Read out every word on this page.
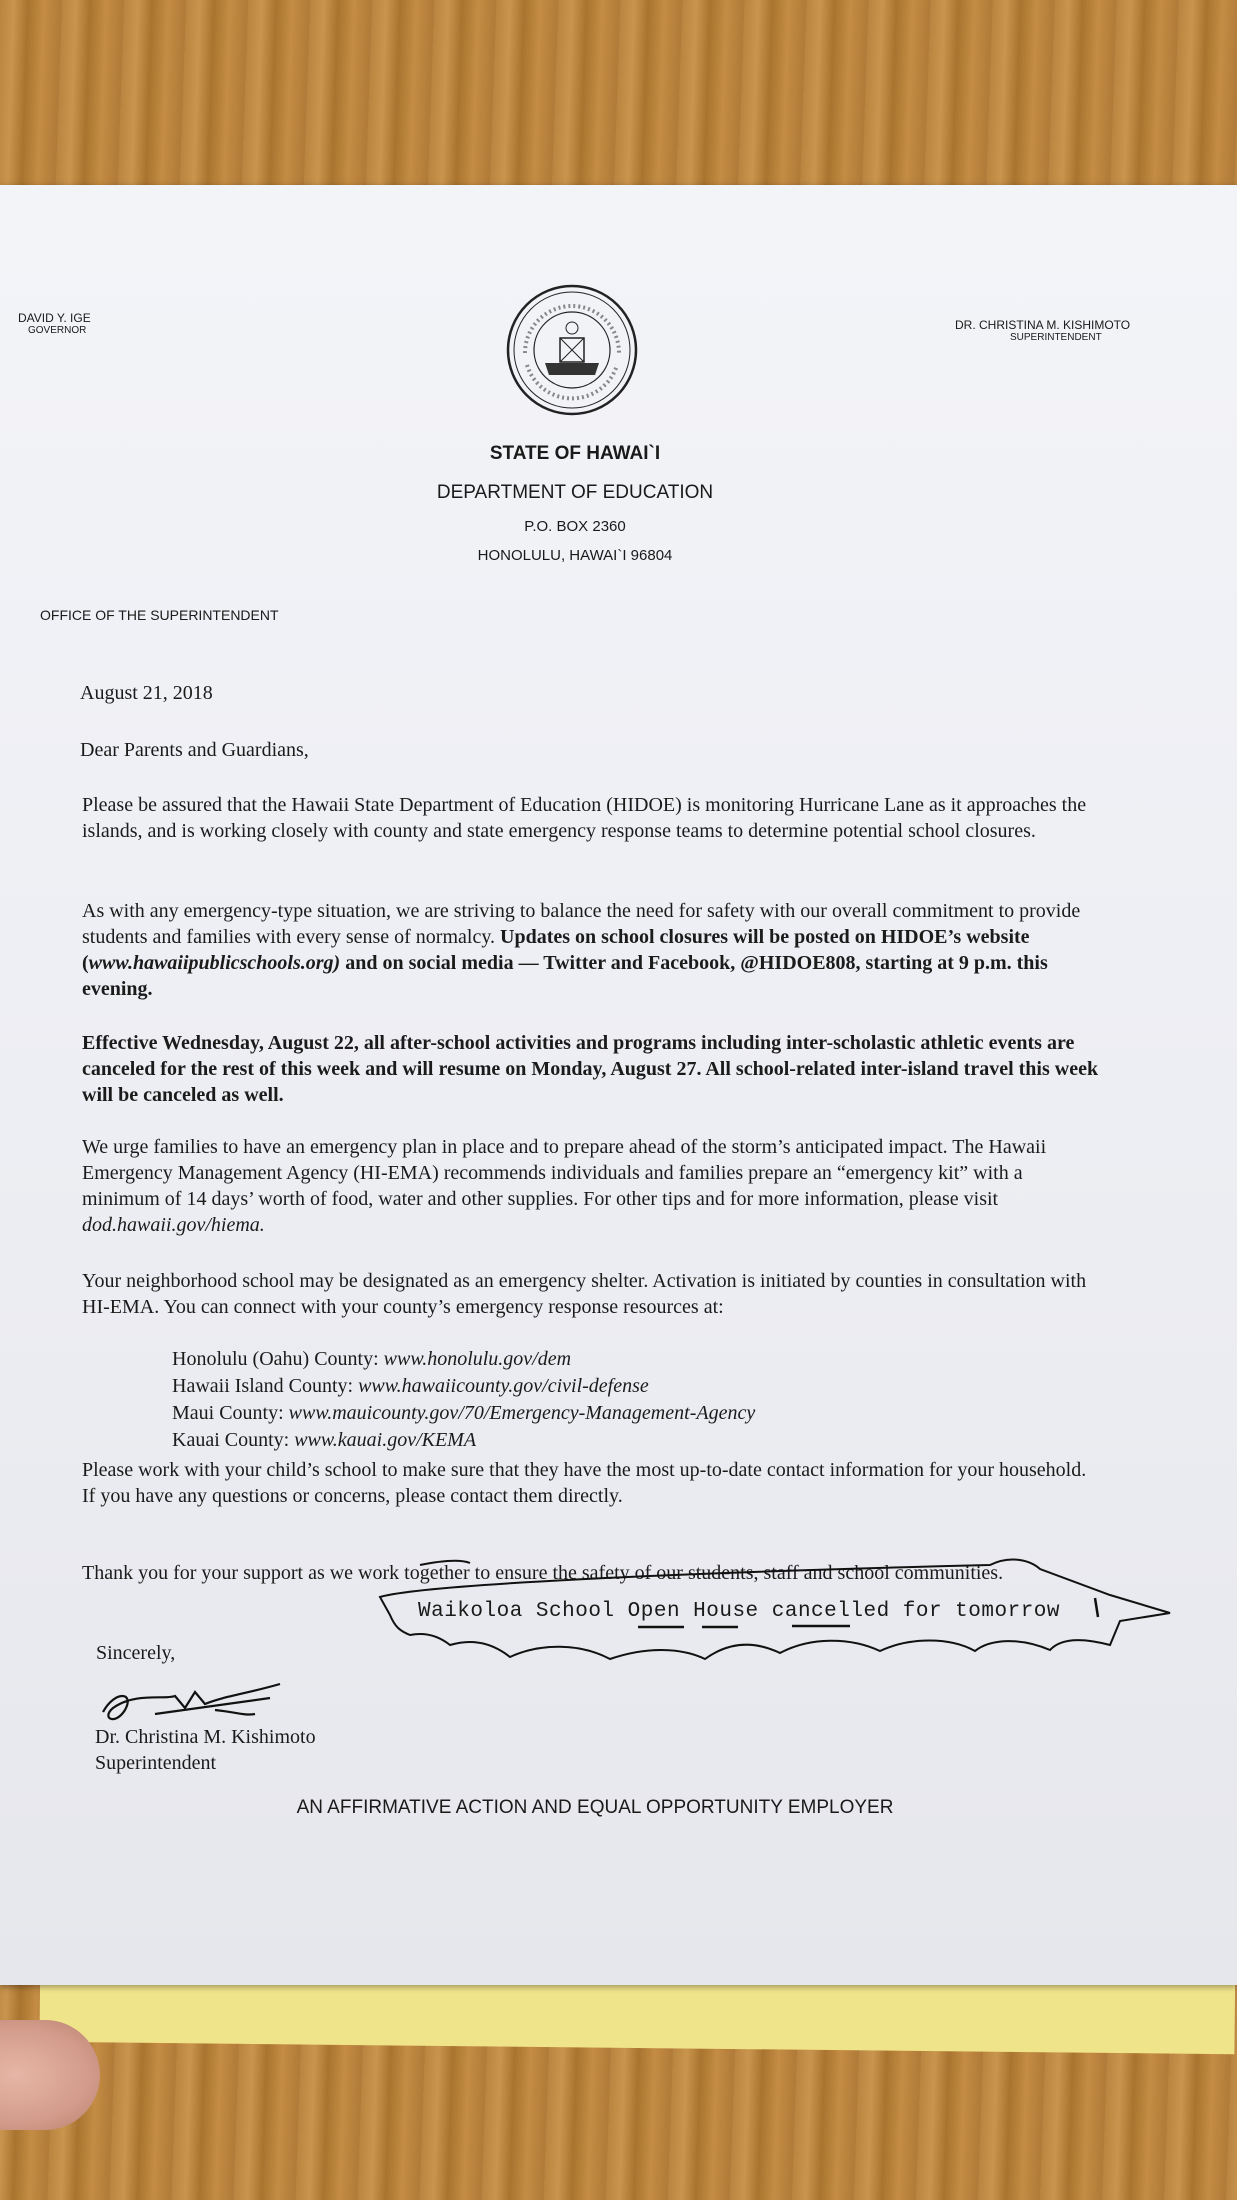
DAVID Y. IGE
GOVERNOR	DR. CHRISTINA M. KISHIMOTO
SUPERINTENDENT
STATE OF HAWAI`I
DEPARTMENT OF EDUCATION
P.O. BOX 2360
HONOLULU, HAWAI`I 96804
OFFICE OF THE SUPERINTENDENT
August 21, 2018
Dear Parents and Guardians,
Please be assured that the Hawaii State Department of Education (HIDOE) is monitoring Hurricane Lane as it approaches the islands, and is working closely with county and state emergency response teams to determine potential school closures.
As with any emergency-type situation, we are striving to balance the need for safety with our overall commitment to provide students and families with every sense of normalcy. Updates on school closures will be posted on HIDOE’s website (www.hawaiipublicschools.org) and on social media — Twitter and Facebook, @HIDOE808, starting at 9 p.m. this evening.
Effective Wednesday, August 22, all after-school activities and programs including inter-scholastic athletic events are canceled for the rest of this week and will resume on Monday, August 27. All school-related inter-island travel this week will be canceled as well.
We urge families to have an emergency plan in place and to prepare ahead of the storm’s anticipated impact. The Hawaii Emergency Management Agency (HI-EMA) recommends individuals and families prepare an “emergency kit” with a minimum of 14 days’ worth of food, water and other supplies. For other tips and for more information, please visit dod.hawaii.gov/hiema.
Your neighborhood school may be designated as an emergency shelter. Activation is initiated by counties in consultation with HI-EMA. You can connect with your county’s emergency response resources at:
Honolulu (Oahu) County: www.honolulu.gov/dem
Hawaii Island County: www.hawaiicounty.gov/civil-defense
Maui County: www.mauicounty.gov/70/Emergency-Management-Agency
Kauai County: www.kauai.gov/KEMA
Please work with your child’s school to make sure that they have the most up-to-date contact information for your household. If you have any questions or concerns, please contact them directly.
Thank you for your support as we work together to ensure the safety of our students, staff and school communities.
Sincerely,
Dr. Christina M. Kishimoto
Superintendent
AN AFFIRMATIVE ACTION AND EQUAL OPPORTUNITY EMPLOYER
Waikoloa School Open House cancelled for tomorrow
